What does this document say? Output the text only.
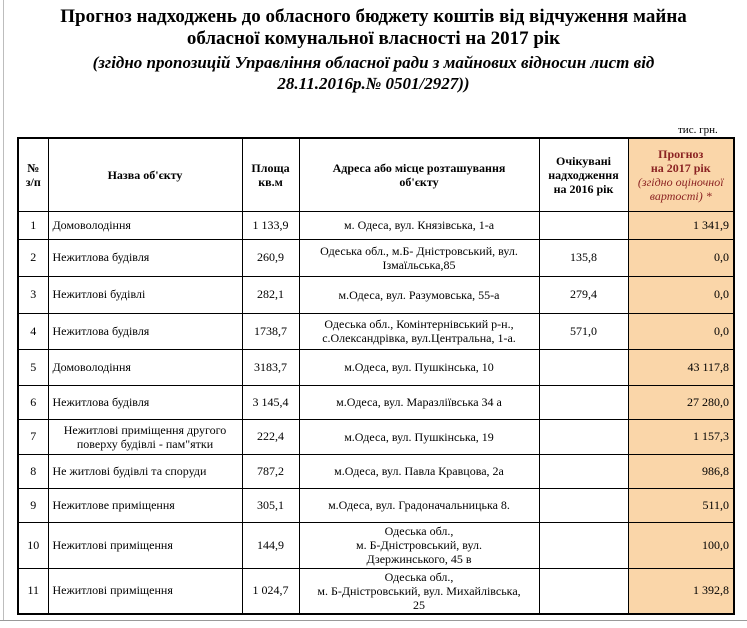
Прогноз надходжень до обласного бюджету коштів від відчуження майна
обласної комунальної власності на 2017 рік
(згідно пропозицій Управління обласної ради з майнових відносин лист від
28.11.2016р.№ 0501/2927))
тис. грн.
№
з/п	Назва об'єкту	Площа
кв.м	Адреса або місце розташування
об'єкту	Очікувані
надходження
на 2016 рік	Прогноз
на 2017 рік
(згідно оціночної
вартості) *
1	Домоволодіння	1 133,9	м. Одеса, вул. Князівська, 1-а		1 341,9
2	Нежитлова будівля	260,9	Одеська обл., м.Б- Дністровський, вул.
Ізмаїльська,85	135,8	0,0
3	Нежитлові будівлі	282,1	м.Одеса, вул. Разумовська, 55-а	279,4	0,0
4	Нежитлова будівля	1738,7	Одеська обл., Комінтернівський р-н.,
с.Олександрівка, вул.Центральна, 1-а.	571,0	0,0
5	Домоволодіння	3183,7	м.Одеса, вул. Пушкінська, 10		43 117,8
6	Нежитлова будівля	3 145,4	м.Одеса, вул. Маразліївська 34 а		27 280,0
7	Нежитлові приміщення другого поверху будівлі - пам"ятки	222,4	м.Одеса, вул. Пушкінська, 19		1 157,3
8	Не житлові будівлі та споруди	787,2	м.Одеса, вул. Павла Кравцова, 2а		986,8
9	Нежитлове приміщення	305,1	м.Одеса, вул. Градоначальницька 8.		511,0
10	Нежитлові приміщення	144,9	Одеська обл.,
м. Б-Дністровський, вул.
Дзержинського, 45 в		100,0
11	Нежитлові приміщення	1 024,7	Одеська обл.,
м. Б-Дністровський, вул. Михайлівська,
25		1 392,8
